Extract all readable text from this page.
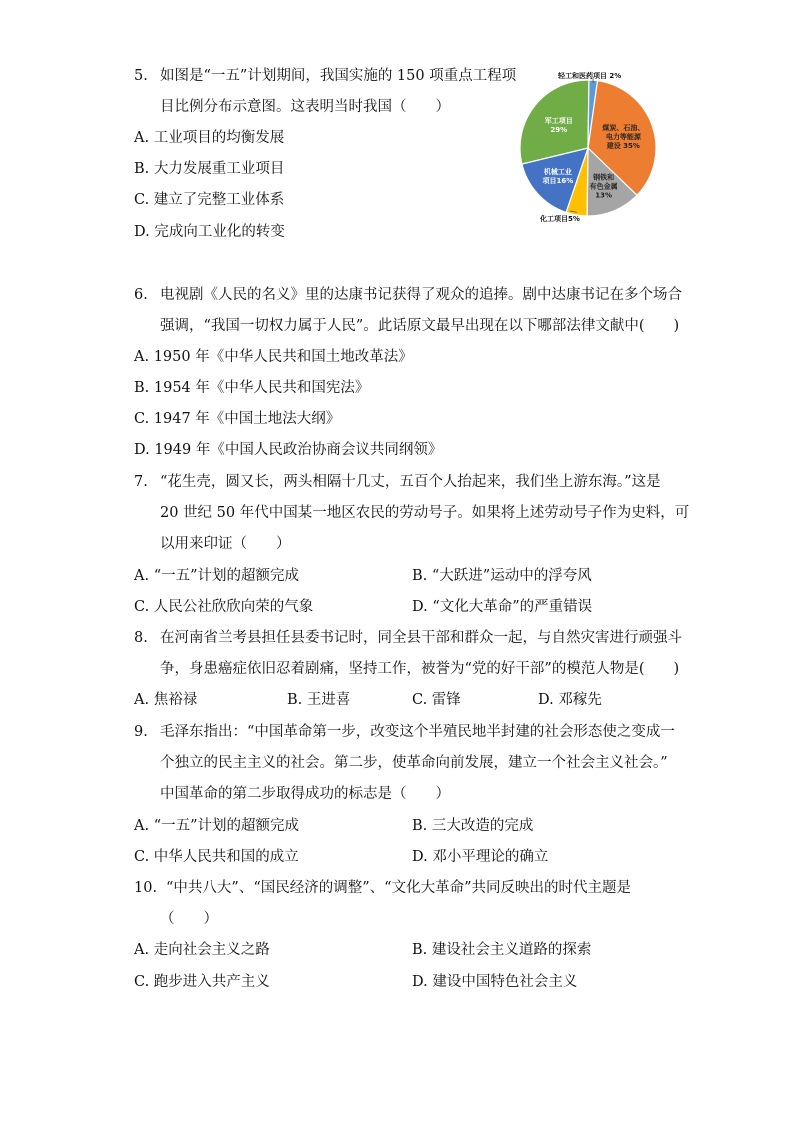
5. 如图是“一五”计划期间，我国实施的 150 项重点工程项
目比例分布示意图。这表明当时我国（　　）
A. 工业项目的均衡发展
B. 大力发展重工业项目
C. 建立了完整工业体系
D. 完成向工业化的转变
煤炭、石油、电力等能源建设 35%
钢铁和有色金属 13%
化工项目5%
机械工业项目16%
军工项目 29%
轻工和医药项目 2%
6. 电视剧《人民的名义》里的达康书记获得了观众的追捧。剧中达康书记在多个场合
强调，“我国一切权力属于人民”。此话原文最早出现在以下哪部法律文献中(　　)
A. 1950 年《中华人民共和国土地改革法》
B. 1954 年《中华人民共和国宪法》
C. 1947 年《中国土地法大纲》
D. 1949 年《中国人民政治协商会议共同纲领》
7. “花生壳，圆又长，两头相隔十几丈，五百个人抬起来，我们坐上游东海。”这是
20 世纪 50 年代中国某一地区农民的劳动号子。如果将上述劳动号子作为史料，可
以用来印证（　　）
A. “一五”计划的超额完成	B. “大跃进”运动中的浮夸风
C. 人民公社欣欣向荣的气象	D. “文化大革命”的严重错误
8. 在河南省兰考县担任县委书记时，同全县干部和群众一起，与自然灾害进行顽强斗
争，身患癌症依旧忍着剧痛，坚持工作，被誉为“党的好干部”的模范人物是(　　)
A. 焦裕禄	B. 王进喜	C. 雷锋	D. 邓稼先
9. 毛泽东指出：“中国革命第一步，改变这个半殖民地半封建的社会形态使之变成一
个独立的民主主义的社会。第二步，使革命向前发展，建立一个社会主义社会。”
中国革命的第二步取得成功的标志是（　　）
A. “一五”计划的超额完成	B. 三大改造的完成
C. 中华人民共和国的成立	D. 邓小平理论的确立
10. “中共八大”、“国民经济的调整”、“文化大革命”共同反映出的时代主题是
（　　）
A. 走向社会主义之路	B. 建设社会主义道路的探索
C. 跑步进入共产主义	D. 建设中国特色社会主义
